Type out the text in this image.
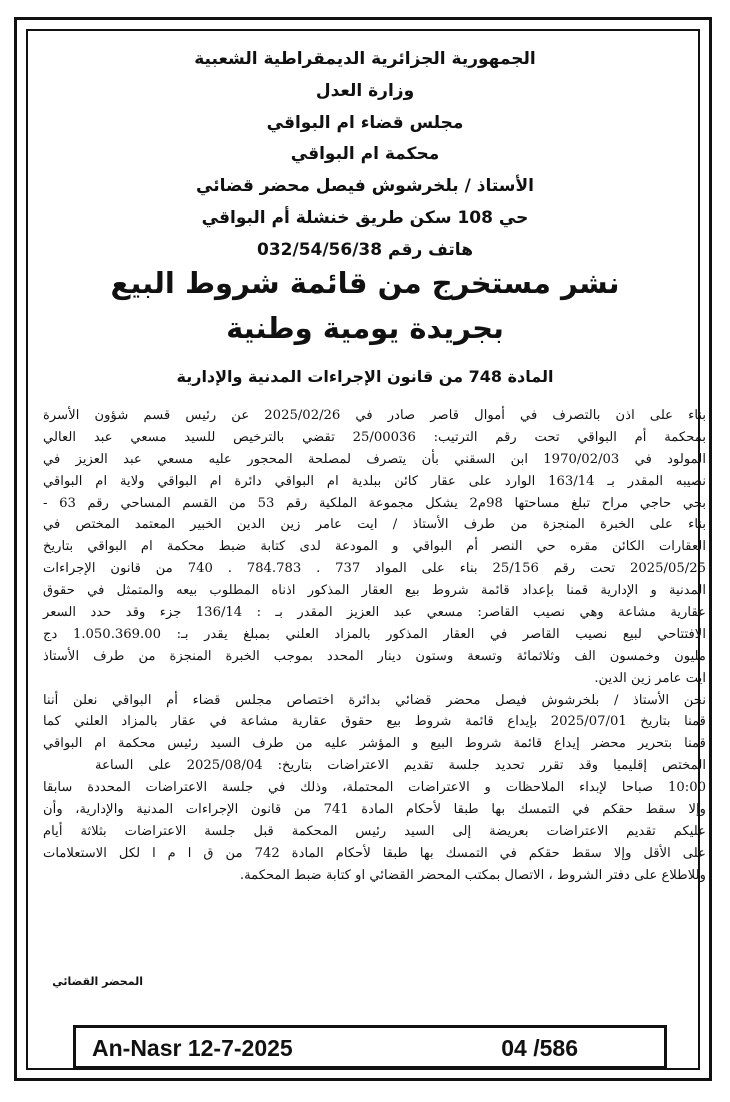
الجمهورية الجزائرية الديمقراطية الشعبية
وزارة العدل
مجلس قضاء ام البواقي
محكمة ام البواقي
الأستاذ / بلخرشوش فيصل محضر قضائي
حي 108 سكن طريق خنشلة أم البواقي
هاتف رقم 032/54/56/38
نشر مستخرج من قائمة شروط البيع
بجريدة يومية وطنية
المادة 748 من قانون الإجراءات المدنية والإدارية
بناء على اذن بالتصرف في أموال قاصر صادر في 2025/02/26 عن رئيس قسم شؤون الأسرة
بمحكمة أم البواقي تحت رقم الترتيب: 25/00036 تقضي بالترخيص للسيد مسعي عبد العالي
المولود في 1970/02/03 ابن السقني بأن يتصرف لمصلحة المحجور عليه مسعي عبد العزيز في
نصيبه المقدر بـ 163/14 الوارد على عقار كائن ببلدية ام البواقي دائرة ام البواقي ولاية ام البواقي
بحي حاجي مراح تبلغ مساحتها 98م2 يشكل مجموعة الملكية رقم 53 من القسم المساحي رقم 63 -
بناء على الخبرة المنجزة من طرف الأستاذ / ايت عامر زين الدين الخبير المعتمد المختص في
العقارات الكائن مقره حي النصر أم البواقي و المودعة لدى كتابة ضبط محكمة ام البواقي بتاريخ
2025/05/25 تحت رقم 25/156 بناء على المواد 737 . 784.783 . 740 من قانون الإجراءات
المدنية و الإدارية قمنا بإعداد قائمة شروط بيع العقار المذكور اذناه المطلوب بيعه والمتمثل في حقوق
عقارية مشاعة وهي نصيب القاصر: مسعي عبد العزيز المقدر بـ : 136/14 جزء وقد حدد السعر
الافتتاحي لبيع نصيب القاصر في العقار المذكور بالمزاد العلني بمبلغ يقدر بـ: 1.050.369.00 دج
مليون وخمسون الف وثلاثمائة وتسعة وستون دينار المحدد بموجب الخبرة المنجزة من طرف الأستاذ
ايت عامر زين الدين.
نحن الأستاذ / بلخرشوش فيصل محضر قضائي بدائرة اختصاص مجلس قضاء أم البواقي نعلن أننا
قمنا بتاريخ 2025/07/01 بإيداع قائمة شروط بيع حقوق عقارية مشاعة في عقار بالمزاد العلني كما
قمنا بتحرير محضر إيداع قائمة شروط البيع و المؤشر عليه من طرف السيد رئيس محكمة ام البواقي
المختص إقليميا وقد تقرر تحديد جلسة تقديم الاعتراضات بتاريخ: 2025/08/04 على الساعة
10:00 صباحا لإبداء الملاحظات و الاعتراضات المحتملة، وذلك في جلسة الاعتراضات المحددة سابقا
وإلا سقط حقكم في التمسك بها طبقا لأحكام المادة 741 من قانون الإجراءات المدنية والإدارية، وأن
عليكم تقديم الاعتراضات بعريضة إلى السيد رئيس المحكمة قبل جلسة الاعتراضات بثلاثة أيام
على الأقل وإلا سقط حقكم في التمسك بها طبقا لأحكام المادة 742 من ق ا م ا لكل الاستعلامات
وللاطلاع على دفتر الشروط ، الاتصال بمكتب المحضر القضائي او كتابة ضبط المحكمة.
المحضر القضائي
An-Nasr 12-7-2025	04 /586
